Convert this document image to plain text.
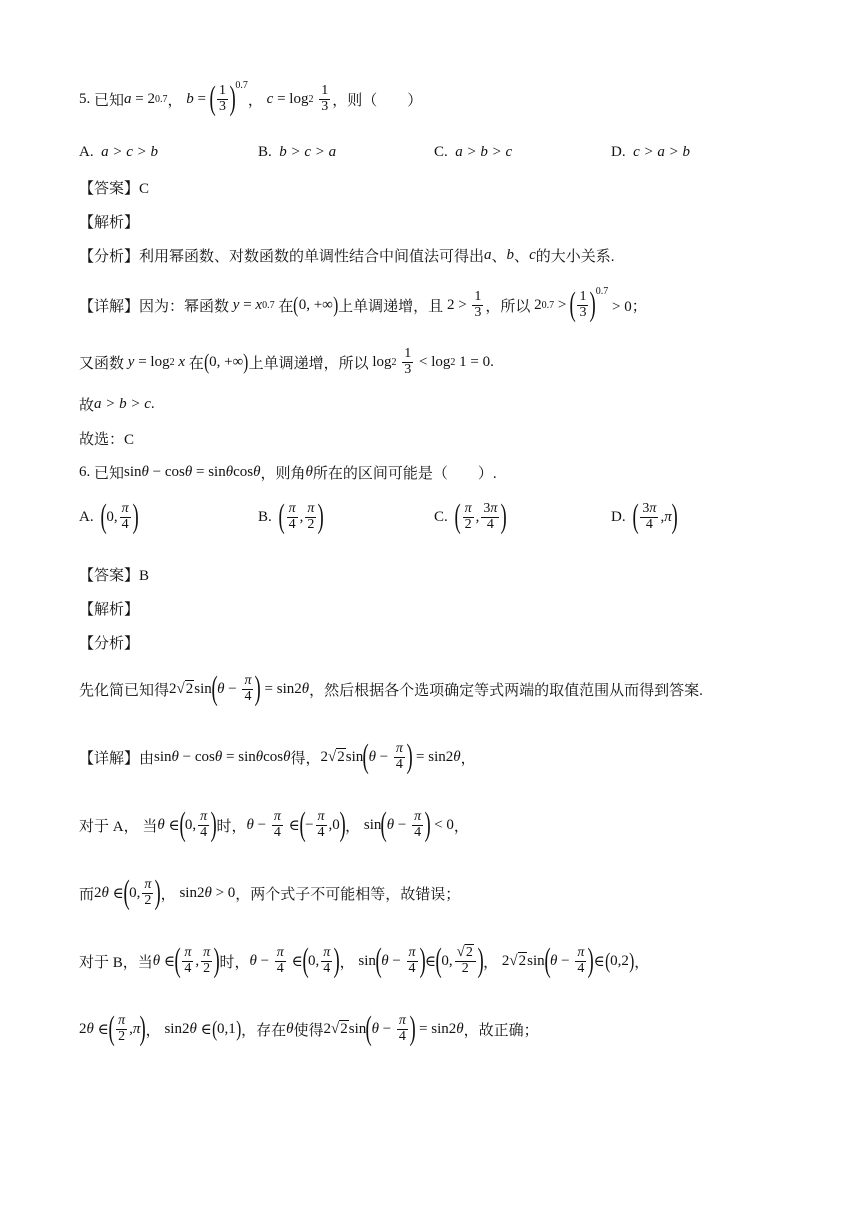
5.
已知 a = 2 0.7 ，
b = ( $\frac{1}{3} )^{0.7}$
，
c = log 2
$\frac{1}{3}$ ，则（　　）
A.
a > c > b	B.
b > c > a	C.
a > b > c	D.
c > a > b
【答案】C
【解析】
【分析】 利用幂函数、对数函数的单调性结合中间值法可得出 a 、 b 、 c 的大小关系.
【详解】 因为：幂函数
y = x 0.7
在 ( 0, +∞ ) 上单调递增，且 $2 > \frac{1}{3}$ ，所以 2 0.7 > ( $\frac{1}{3} )^{0.7}$
> 0；
又函数
y = log 2
x
在 ( 0, +∞ ) 上单调递增，所以 log 2
$\frac{1}{3} < \log 2$ 1 = 0.
故 a > b > c .
故选：C
6.
已知 sin θ − cos θ = sin θ cos θ ，则角 θ 所在的区间可能是（　　）.
A. ( 0, $\frac{\pi}{4}$ )	B. ( $\frac{\pi}{4}$ , $\frac{\pi}{2}$ )	C. ( $\frac{\pi}{2}$ , $\frac{3\pi}{4}$ )	D. ( $\frac{3\pi}{4}$ , π )
【答案】B
【解析】
【分析】
先化简已知得 2 √ 2 sin ( $\theta - \frac{\pi}{4}$ ) = sin2 θ ，然后根据各个选项确定等式两端的取值范围从而得到答案.
【详解】 由 sin θ − cos θ = sin θ cos θ 得， 2 √ 2 sin ( $\theta - \frac{\pi}{4}$ ) = sin2 θ ，
对于 A， 当 θ ∈ ( 0, $\frac{\pi}{4}$ ) 时， $\theta - \frac{\pi}{4}$ ∈ ( − $\frac{\pi}{4} ,0$ ) ， sin ( $\theta - \frac{\pi}{4}$ ) < 0 ，
而 2 θ ∈ ( 0, $\frac{\pi}{2}$ ) ， sin2 θ > 0 ，两个式子不可能相等，故错误；
对于 B，当 θ ∈ ( $\frac{\pi}{4}$ , $\frac{\pi}{2}$ ) 时， $\theta - \frac{\pi}{4}$ ∈ ( 0, $\frac{\pi}{4}$ ) ， sin ( $\theta - \frac{\pi}{4}$ ) ∈ ( 0, $\frac{√2}{2}$ ) ， 2 √ 2 sin ( $\theta - \frac{\pi}{4}$ ) ∈ ( 0,2 ) ，
2 θ ∈ ( $\frac{\pi}{2}$ , π ) ， sin2 θ ∈ ( 0,1 ) ，存在 θ 使得 2 √ 2 sin ( $\theta - \frac{\pi}{4}$ ) = sin2 θ ，故正确；
